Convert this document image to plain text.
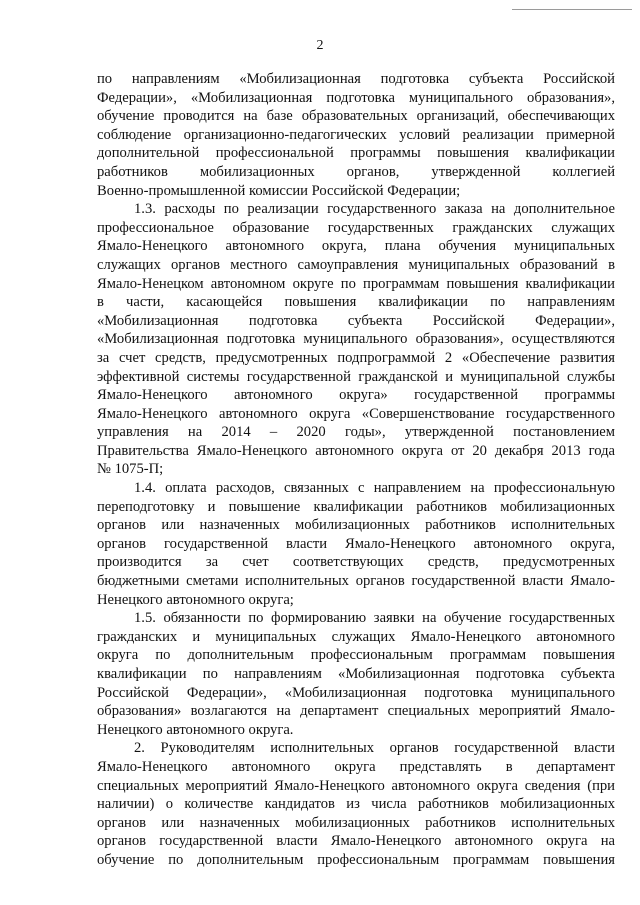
2

по направлениям «Мобилизационная подготовка субъекта Российской
Федерации», «Мобилизационная подготовка муниципального образования»,
обучение проводится на базе образовательных организаций, обеспечивающих
соблюдение организационно-педагогических условий реализации примерной
дополнительной профессиональной программы повышения квалификации
работников мобилизационных органов, утвержденной коллегией
Военно-промышленной комиссии Российской Федерации;

1.3. расходы по реализации государственного заказа на дополнительное
профессиональное образование государственных гражданских служащих
Ямало-Ненецкого автономного округа, плана обучения муниципальных
служащих органов местного самоуправления муниципальных образований в
Ямало-Ненецком автономном округе по программам повышения квалификации
в части, касающейся повышения квалификации по направлениям
«Мобилизационная подготовка субъекта Российской Федерации»,
«Мобилизационная подготовка муниципального образования», осуществляются
за счет средств, предусмотренных подпрограммой 2 «Обеспечение развития
эффективной системы государственной гражданской и муниципальной службы
Ямало-Ненецкого автономного округа» государственной программы
Ямало-Ненецкого автономного округа «Совершенствование государственного
управления на 2014 – 2020 годы», утвержденной постановлением
Правительства Ямало-Ненецкого автономного округа от 20 декабря 2013 года
№ 1075-П;

1.4. оплата расходов, связанных с направлением на профессиональную
переподготовку и повышение квалификации работников мобилизационных
органов или назначенных мобилизационных работников исполнительных
органов государственной власти Ямало-Ненецкого автономного округа,
производится за счет соответствующих средств, предусмотренных
бюджетными сметами исполнительных органов государственной власти Ямало-
Ненецкого автономного округа;

1.5. обязанности по формированию заявки на обучение государственных
гражданских и муниципальных служащих Ямало-Ненецкого автономного
округа по дополнительным профессиональным программам повышения
квалификации по направлениям «Мобилизационная подготовка субъекта
Российской Федерации», «Мобилизационная подготовка муниципального
образования» возлагаются на департамент специальных мероприятий Ямало-
Ненецкого автономного округа.

2. Руководителям исполнительных органов государственной власти
Ямало-Ненецкого автономного округа представлять в департамент
специальных мероприятий Ямало-Ненецкого автономного округа сведения (при
наличии) о количестве кандидатов из числа работников мобилизационных
органов или назначенных мобилизационных работников исполнительных
органов государственной власти Ямало-Ненецкого автономного округа на
обучение по дополнительным профессиональным программам повышения
